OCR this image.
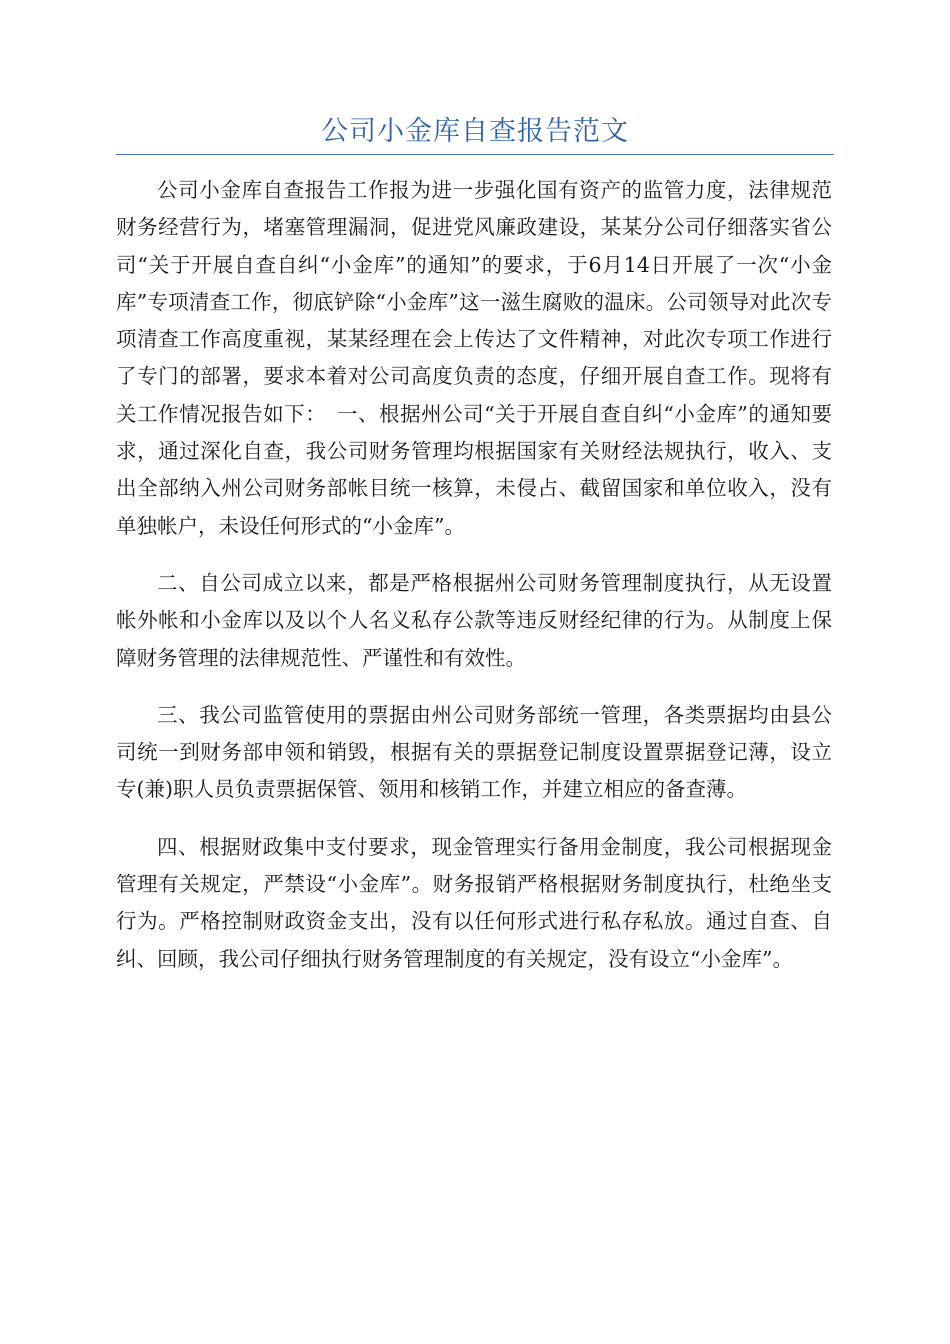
公司小金库自查报告范文

公司小金库自查报告工作报为进一步强化国有资产的监管力度，法律规范财务经营行为，堵塞管理漏洞，促进党风廉政建设，某某分公司仔细落实省公司“关于开展自查自纠“小金库”的通知”的要求，于6月14日开展了一次“小金库”专项清查工作，彻底铲除“小金库”这一滋生腐败的温床。公司领导对此次专项清查工作高度重视，某某经理在会上传达了文件精神，对此次专项工作进行了专门的部署，要求本着对公司高度负责的态度，仔细开展自查工作。现将有关工作情况报告如下：　一、根据州公司“关于开展自查自纠“小金库”的通知要求，通过深化自查，我公司财务管理均根据国家有关财经法规执行，收入、支出全部纳入州公司财务部帐目统一核算，未侵占、截留国家和单位收入，没有单独帐户，未设任何形式的“小金库”。

二、自公司成立以来，都是严格根据州公司财务管理制度执行，从无设置帐外帐和小金库以及以个人名义私存公款等违反财经纪律的行为。从制度上保障财务管理的法律规范性、严谨性和有效性。

三、我公司监管使用的票据由州公司财务部统一管理，各类票据均由县公司统一到财务部申领和销毁，根据有关的票据登记制度设置票据登记薄，设立专(兼)职人员负责票据保管、领用和核销工作，并建立相应的备查薄。

四、根据财政集中支付要求，现金管理实行备用金制度，我公司根据现金管理有关规定，严禁设“小金库”。财务报销严格根据财务制度执行，杜绝坐支行为。严格控制财政资金支出，没有以任何形式进行私存私放。通过自查、自纠、回顾，我公司仔细执行财务管理制度的有关规定，没有设立“小金库”。
